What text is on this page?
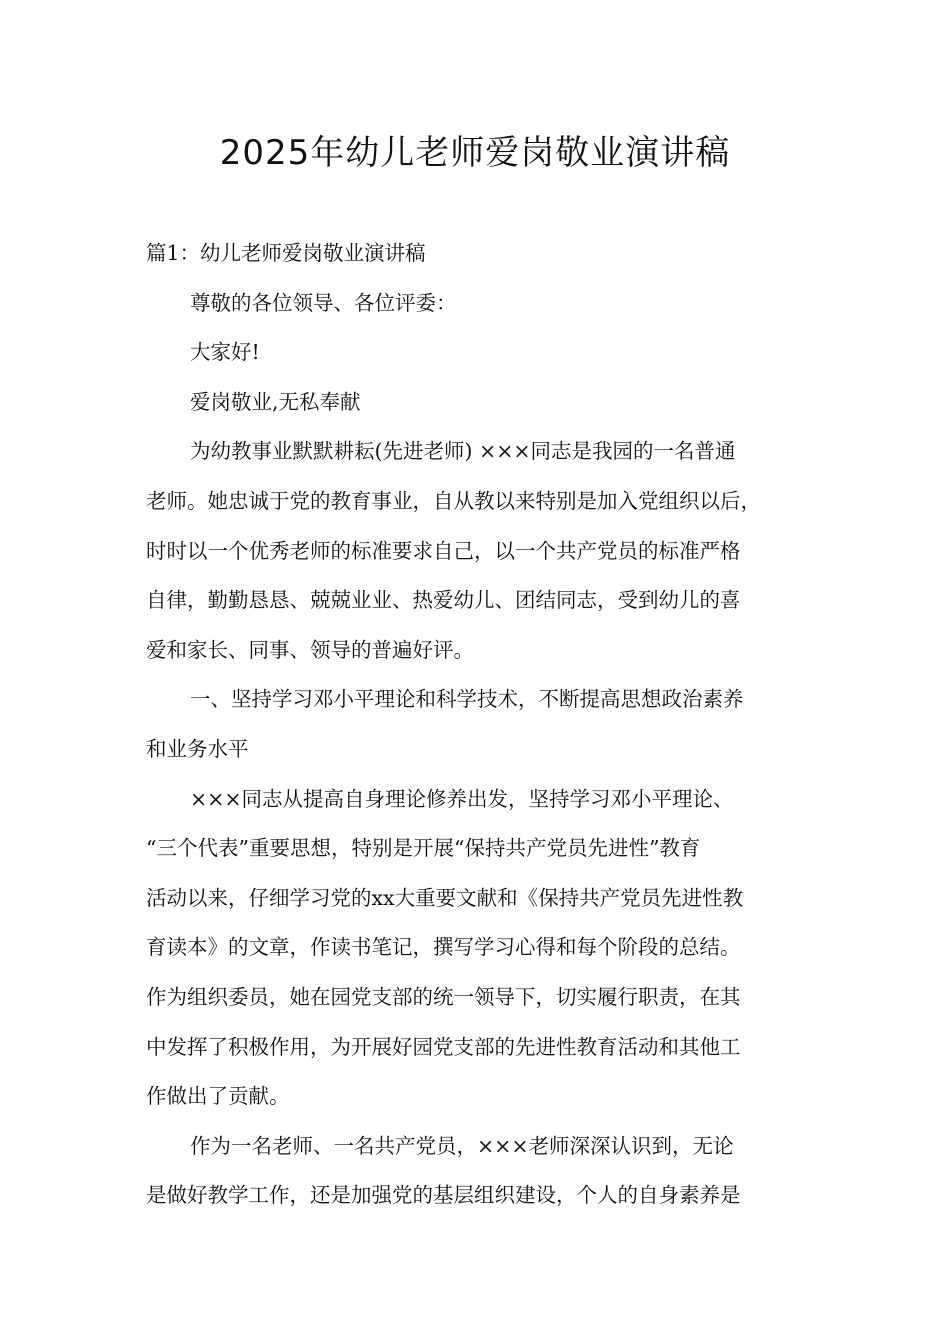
2025年幼儿老师爱岗敬业演讲稿
篇1：幼儿老师爱岗敬业演讲稿
尊敬的各位领导、各位评委：
大家好!
爱岗敬业,无私奉献
为幼教事业默默耕耘(先进老师) ×××同志是我园的一名普通
老师。她忠诚于党的教育事业，自从教以来特别是加入党组织以后，
时时以一个优秀老师的标准要求自己，以一个共产党员的标准严格
自律，勤勤恳恳、兢兢业业、热爱幼儿、团结同志，受到幼儿的喜
爱和家长、同事、领导的普遍好评。
一、坚持学习邓小平理论和科学技术，不断提高思想政治素养
和业务水平
×××同志从提高自身理论修养出发，坚持学习邓小平理论、
“三个代表”重要思想，特别是开展“保持共产党员先进性”教育
活动以来，仔细学习党的xx大重要文献和《保持共产党员先进性教
育读本》的文章，作读书笔记，撰写学习心得和每个阶段的总结。
作为组织委员，她在园党支部的统一领导下，切实履行职责，在其
中发挥了积极作用，为开展好园党支部的先进性教育活动和其他工
作做出了贡献。
作为一名老师、一名共产党员，×××老师深深认识到，无论
是做好教学工作，还是加强党的基层组织建设，个人的自身素养是
